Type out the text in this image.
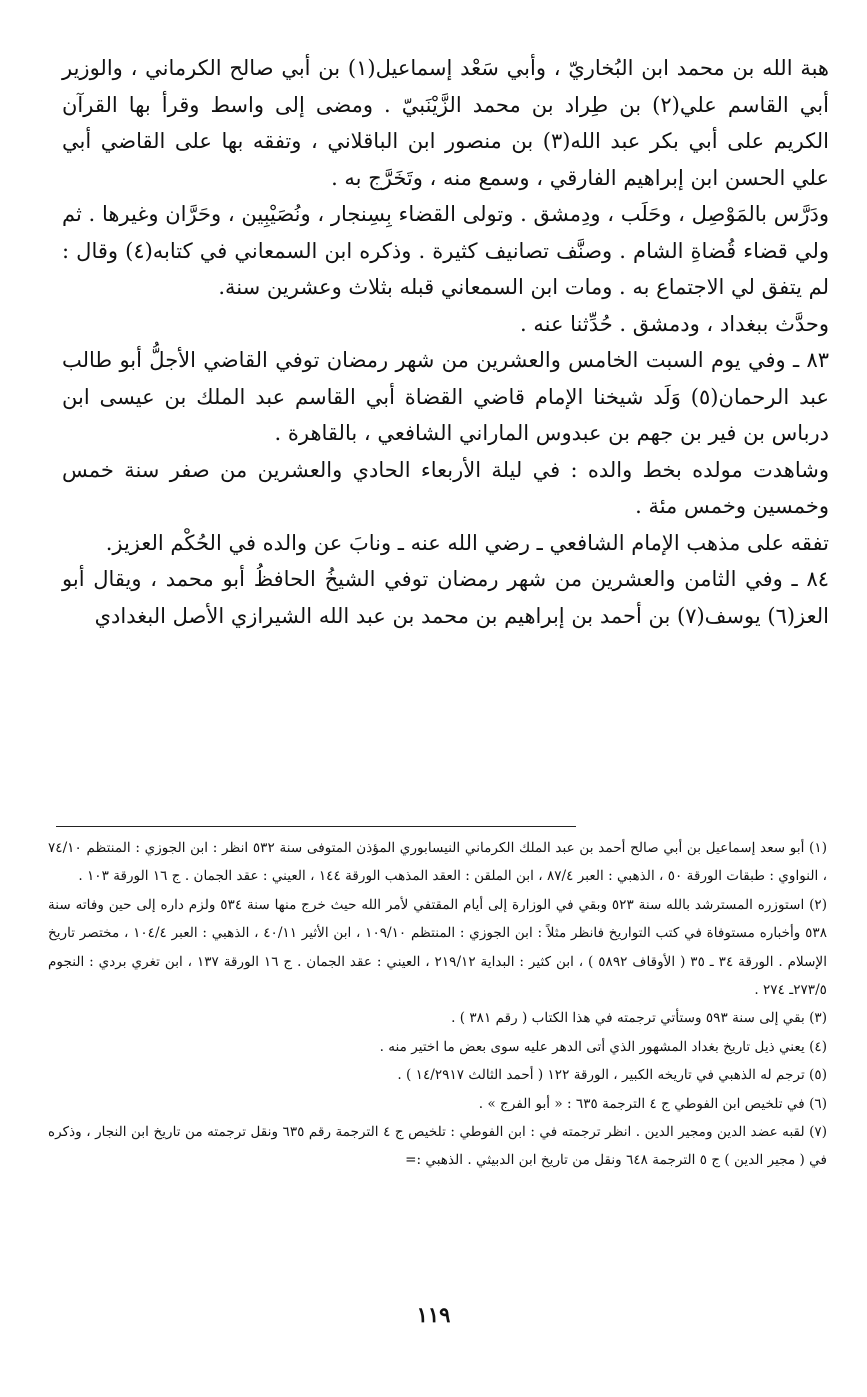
هبة الله بن محمد ابن البُخاريّ ، وأبي سَعْد إسماعيل(١) بن أبي صالح الكرماني ، والوزير أبي القاسم علي(٢) بن طِراد بن محمد الزَّيْنَبيّ . ومضى إلى واسط وقرأ بها القرآن الكريم على أبي بكر عبد الله(٣) بن منصور ابن الباقلاني ، وتفقه بها على القاضي أبي علي الحسن ابن إبراهيم الفارقي ، وسمع منه ، وتَخَرَّج به .

ودَرَّس بالمَوْصِل ، وحَلَب ، ودِمشق . وتولى القضاء بِسِنجار ، ونُصَيْبِين ، وحَرَّان وغيرها . ثم ولي قضاء قُضاةِ الشام . وصنَّف تصانيف كثيرة . وذكره ابن السمعاني في كتابه(٤) وقال : لم يتفق لي الاجتماع به . ومات ابن السمعاني قبله بثلاث وعشرين سنة.

وحدَّث ببغداد ، ودمشق . حُدِّثنا عنه .

٨٣ ـ وفي يوم السبت الخامس والعشرين من شهر رمضان توفي القاضي الأجلُّ أبو طالب عبد الرحمان(٥) وَلَد شيخنا الإمام قاضي القضاة أبي القاسم عبد الملك بن عيسى ابن درباس بن فير بن جهم بن عبدوس الماراني الشافعي ، بالقاهرة .

وشاهدت مولده بخط والده : في ليلة الأربعاء الحادي والعشرين من صفر سنة خمس وخمسين وخمس مئة .

تفقه على مذهب الإمام الشافعي ـ رضي الله عنه ـ ونابَ عن والده في الحُكْم العزيز.

٨٤ ـ وفي الثامن والعشرين من شهر رمضان توفي الشيخُ الحافظُ أبو محمد ، ويقال أبو العز(٦) يوسف(٧) بن أحمد بن إبراهيم بن محمد بن عبد الله الشيرازي الأصل البغدادي

(١) أبو سعد إسماعيل بن أبي صالح أحمد بن عبد الملك الكرماني النيسابوري المؤذن المتوفى سنة ٥٣٢ انظر : ابن الجوزي : المنتظم ٧٤/١٠ ، النواوي : طبقات الورقة ٥٠ ، الذهبي : العبر ٨٧/٤ ، ابن الملقن : العقد المذهب الورقة ١٤٤ ، العيني : عقد الجمان . ج ١٦ الورقة ١٠٣ .

(٢) استوزره المسترشد بالله سنة ٥٢٣ وبقي في الوزارة إلى أيام المقتفي لأمر الله حيث خرج منها سنة ٥٣٤ ولزم داره إلى حين وفاته سنة ٥٣٨ وأخباره مستوفاة في كتب التواريخ فانظر مثلاً : ابن الجوزي : المنتظم ١٠٩/١٠ ، ابن الأثير ٤٠/١١ ، الذهبي : العبر ١٠٤/٤ ، مختصر تاريخ الإسلام . الورقة ٣٤ ـ ٣٥ ( الأوقاف ٥٨٩٢ ) ، ابن كثير : البداية ٢١٩/١٢ ، العيني : عقد الجمان . ج ١٦ الورقة ١٣٧ ، ابن تغري بردي : النجوم ٢٧٣/٥ـ ٢٧٤ .

(٣) بقي إلى سنة ٥٩٣ وستأتي ترجمته في هذا الكتاب ( رقم ٣٨١ ) .

(٤) يعني ذيل تاريخ بغداد المشهور الذي أتى الدهر عليه سوى بعض ما اختير منه .

(٥) ترجم له الذهبي في تاريخه الكبير ، الورقة ١٢٢ ( أحمد الثالث ١٤/٢٩١٧ ) .

(٦) في تلخيص ابن الفوطي ج ٤ الترجمة ٦٣٥ : « أبو الفرج » .

(٧) لقبه عضد الدين ومجير الدين . انظر ترجمته في : ابن الفوطي : تلخيص ج ٤ الترجمة رقم ٦٣٥ ونقل ترجمته من تاريخ ابن النجار ، وذكره في ( مجير الدين ) ج ٥ الترجمة ٦٤٨ ونقل من تاريخ ابن الدبيثي . الذهبي :=

١١٩
